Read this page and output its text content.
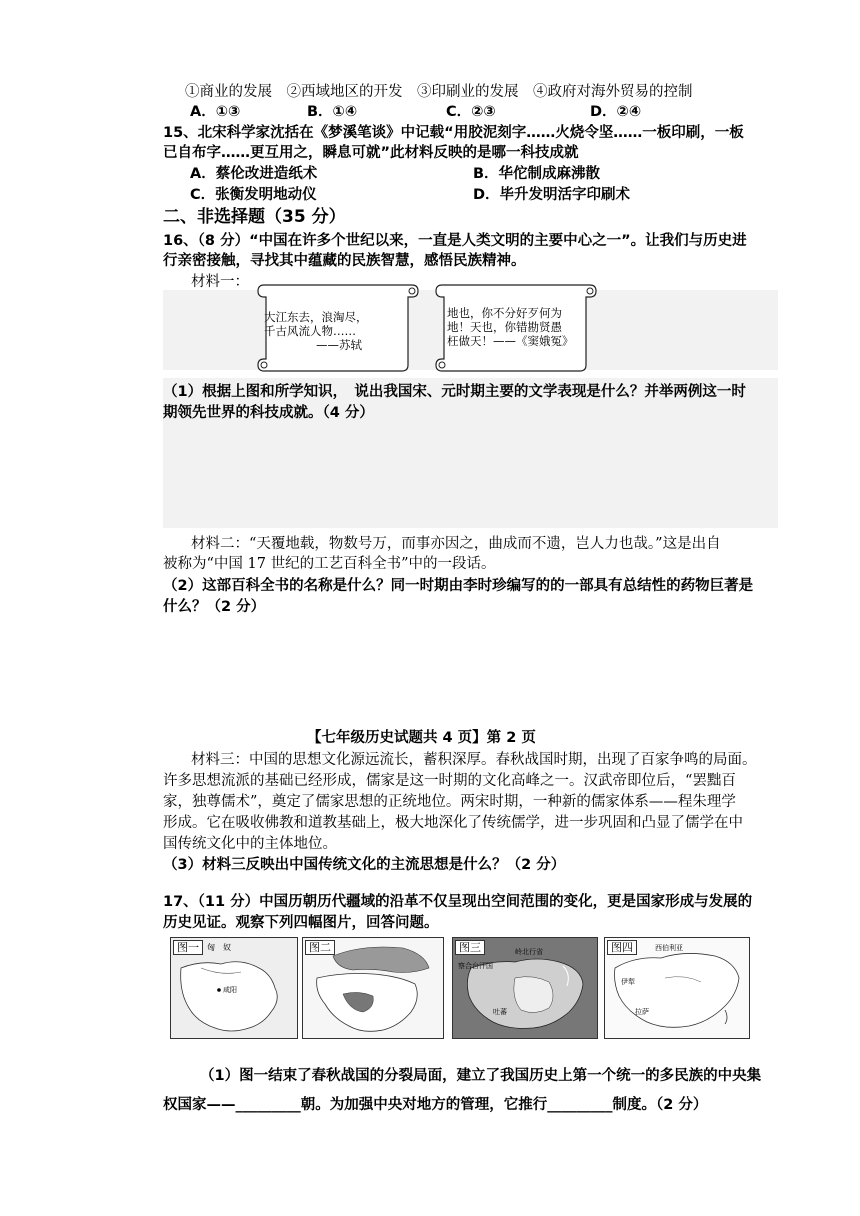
①商业的发展　②西域地区的开发　③印刷业的发展　④政府对海外贸易的控制
A．①③	B．①④	C．②③	D．②④
15、北宋科学家沈括在《梦溪笔谈》中记载“用胶泥刻字……火烧令坚……一板印刷，一板
已自布字……更互用之，瞬息可就”此材料反映的是哪一科技成就
A．蔡伦改进造纸术	B．华佗制成麻沸散
C．张衡发明地动仪	D．毕升发明活字印刷术
二、非选择题（35 分）
16、（8 分）“中国在许多个世纪以来，一直是人类文明的主要中心之一”。让我们与历史进
行亲密接触，寻找其中蕴藏的民族智慧，感悟民族精神。
材料一：
大江东去，浪淘尽，
千古风流人物……
——苏轼
地也，你不分好歹何为
地！天也，你错勘贤愚
枉做天！——《窦娥冤》
（1）根据上图和所学知识，　说出我国宋、元时期主要的文学表现是什么？并举两例这一时
期领先世界的科技成就。（4 分）
材料二：“天覆地载，物数号万，而事亦因之，曲成而不遗，岂人力也哉。”这是出自
被称为“中国 17 世纪的工艺百科全书”中的一段话。
（2）这部百科全书的名称是什么？同一时期由李时珍编写的的一部具有总结性的药物巨著是
什么？（2 分）
【七年级历史试题共 4 页】第 2 页
材料三：中国的思想文化源远流长，蓄积深厚。春秋战国时期，出现了百家争鸣的局面。
许多思想流派的基础已经形成，儒家是这一时期的文化高峰之一。汉武帝即位后，“罢黜百
家，独尊儒术”，奠定了儒家思想的正统地位。两宋时期，一种新的儒家体系——程朱理学
形成。它在吸收佛教和道教基础上，极大地深化了传统儒学，进一步巩固和凸显了儒学在中
国传统文化中的主体地位。
（3）材料三反映出中国传统文化的主流思想是什么？（2 分）
17、（11 分）中国历朝历代疆域的沿革不仅呈现出空间范围的变化，更是国家形成与发展的
历史见证。观察下列四幅图片，回答问题。
图一	匈　奴
咸阳
图二	图三	岭北行省
察合台汗国
吐蕃
图四	西伯利亚
伊犁
拉萨
（1）图一结束了春秋战国的分裂局面，建立了我国历史上第一个统一的多民族的中央集
权国家——_________朝。为加强中央对地方的管理，它推行_________制度。（2 分）
